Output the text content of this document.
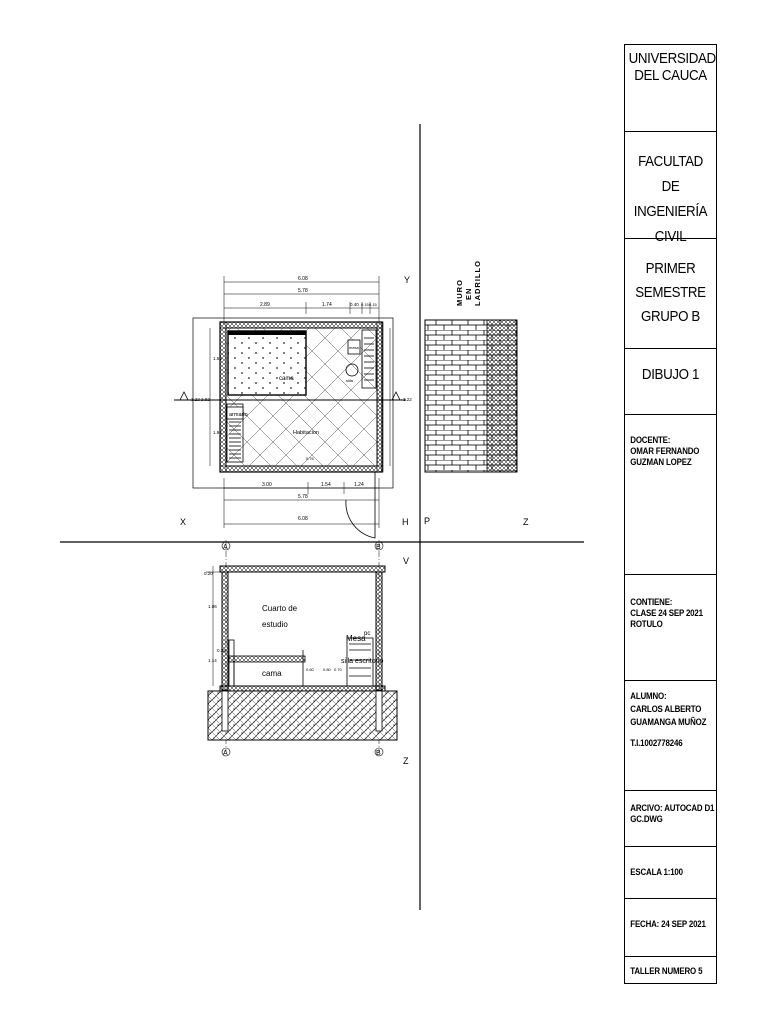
Y
X	H P	Z
V
Z
6.08
5.78
2.89	1.74	0.40 0.15 0.15
3.22 2.92	3.22
cama
armario
mesa
silla
Habitacion
5.76
1.56
1.92
3.00	1.54	1.24
5.78
6.08
MURO EN LADRILLO
A	B
A	B
0.20
1.06
0.38
1.14
cama	0.60 0.80 0.70
Cuarto de
estudio
Mesa
pc
silla escritorio
UNIVERSIDAD
DEL CAUCA
FACULTAD DE
INGENIERÍA
CIVIL
PRIMER
SEMESTRE
GRUPO B
DIBUJO 1
DOCENTE:
OMAR FERNANDO
GUZMAN LOPEZ
CONTIENE:
CLASE 24 SEP 2021
ROTULO
ALUMNO:
CARLOS ALBERTO
GUAMANGA MUÑOZ
T.I.1002778246
ARCIVO: AUTOCAD D1
GC.DWG
ESCALA 1:100
FECHA: 24 SEP 2021
TALLER NUMERO 5
